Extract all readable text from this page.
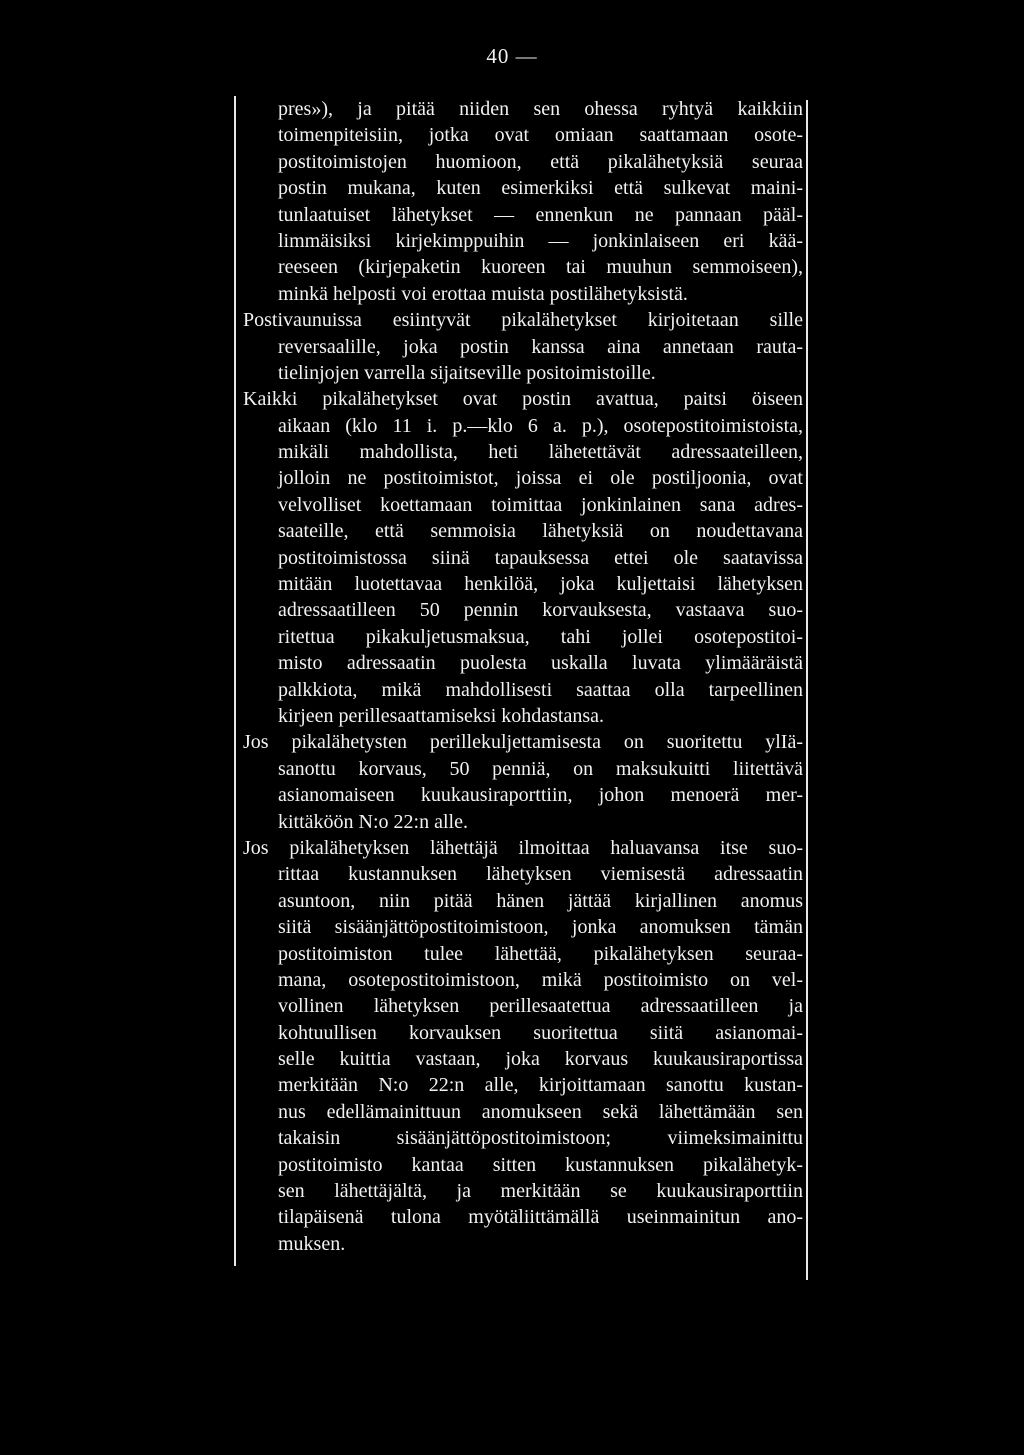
40 —
pres»), ja pitää niiden sen ohessa ryhtyä kaikkiin
toimenpiteisiin, jotka ovat omiaan saattamaan osote-
postitoimistojen huomioon, että pikalähetyksiä seuraa
postin mukana, kuten esimerkiksi että sulkevat maini-
tunlaatuiset lähetykset — ennenkun ne pannaan pääl-
limmäisiksi kirjekimppuihin — jonkinlaiseen eri kää-
reeseen (kirjepaketin kuoreen tai muuhun semmoiseen),
minkä helposti voi erottaa muista postilähetyksistä.
Postivaunuissa esiintyvät pikalähetykset kirjoitetaan sille
reversaalille, joka postin kanssa aina annetaan rauta-
tielinjojen varrella sijaitseville positoimistoille.
Kaikki pikalähetykset ovat postin avattua, paitsi öiseen
aikaan (klo 11 i. p.—klo 6 a. p.), osotepostitoimistoista,
mikäli mahdollista, heti lähetettävät adressaateilleen,
jolloin ne postitoimistot, joissa ei ole postiljoonia, ovat
velvolliset koettamaan toimittaa jonkinlainen sana adres-
saateille, että semmoisia lähetyksiä on noudettavana
postitoimistossa siinä tapauksessa ettei ole saatavissa
mitään luotettavaa henkilöä, joka kuljettaisi lähetyksen
adressaatilleen 50 pennin korvauksesta, vastaava suo-
ritettua pikakuljetusmaksua, tahi jollei osotepostitoi-
misto adressaatin puolesta uskalla luvata ylimääräistä
palkkiota, mikä mahdollisesti saattaa olla tarpeellinen
kirjeen perillesaattamiseksi kohdastansa.
Jos pikalähetysten perillekuljettamisesta on suoritettu ylIä-
sanottu korvaus, 50 penniä, on maksukuitti liitettävä
asianomaiseen kuukausiraporttiin, johon menoerä mer-
kittäköön N:o 22:n alle.
Jos pikalähetyksen lähettäjä ilmoittaa haluavansa itse suo-
rittaa kustannuksen lähetyksen viemisestä adressaatin
asuntoon, niin pitää hänen jättää kirjallinen anomus
siitä sisäänjättöpostitoimistoon, jonka anomuksen tämän
postitoimiston tulee lähettää, pikalähetyksen seuraa-
mana, osotepostitoimistoon, mikä postitoimisto on vel-
vollinen lähetyksen perillesaatettua adressaatilleen ja
kohtuullisen korvauksen suoritettua siitä asianomai-
selle kuittia vastaan, joka korvaus kuukausiraportissa
merkitään N:o 22:n alle, kirjoittamaan sanottu kustan-
nus edellämainittuun anomukseen sekä lähettämään sen
takaisin sisäänjättöpostitoimistoon; viimeksimainittu
postitoimisto kantaa sitten kustannuksen pikalähetyk-
sen lähettäjältä, ja merkitään se kuukausiraporttiin
tilapäisenä tulona myötäliittämällä useinmainitun ano-
muksen.
